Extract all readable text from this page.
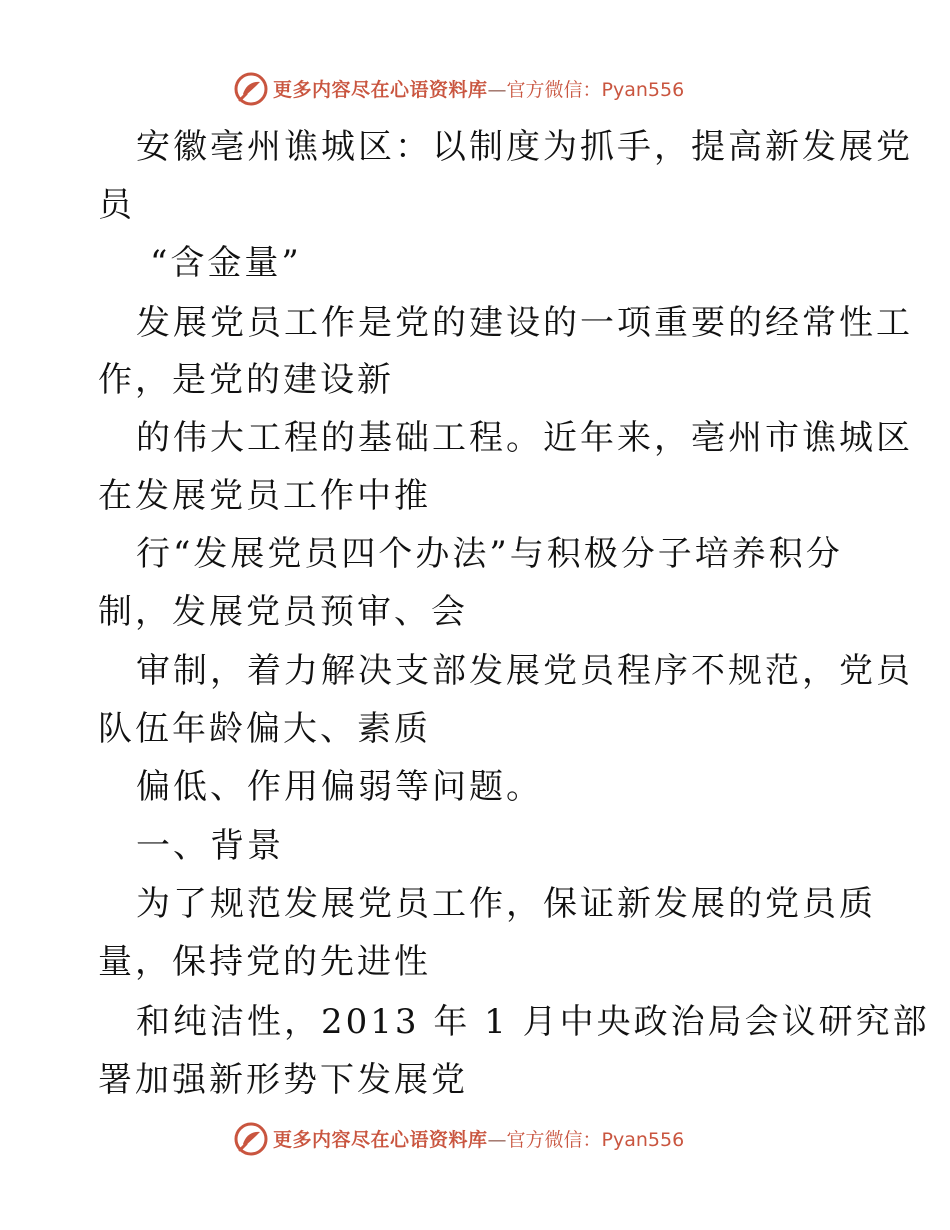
更多内容尽在心语资料库—官方微信：Pyan556
安徽亳州谯城区：以制度为抓手，提高新发展党
员
“含金量”
发展党员工作是党的建设的一项重要的经常性工
作，是党的建设新
的伟大工程的基础工程。近年来，亳州市谯城区
在发展党员工作中推
行“发展党员四个办法”与积极分子培养积分
制，发展党员预审、会
审制，着力解决支部发展党员程序不规范，党员
队伍年龄偏大、素质
偏低、作用偏弱等问题。
一、背景
为了规范发展党员工作，保证新发展的党员质
量，保持党的先进性
和纯洁性，2013 年 1 月中央政治局会议研究部
署加强新形势下发展党
更多内容尽在心语资料库—官方微信：Pyan556
